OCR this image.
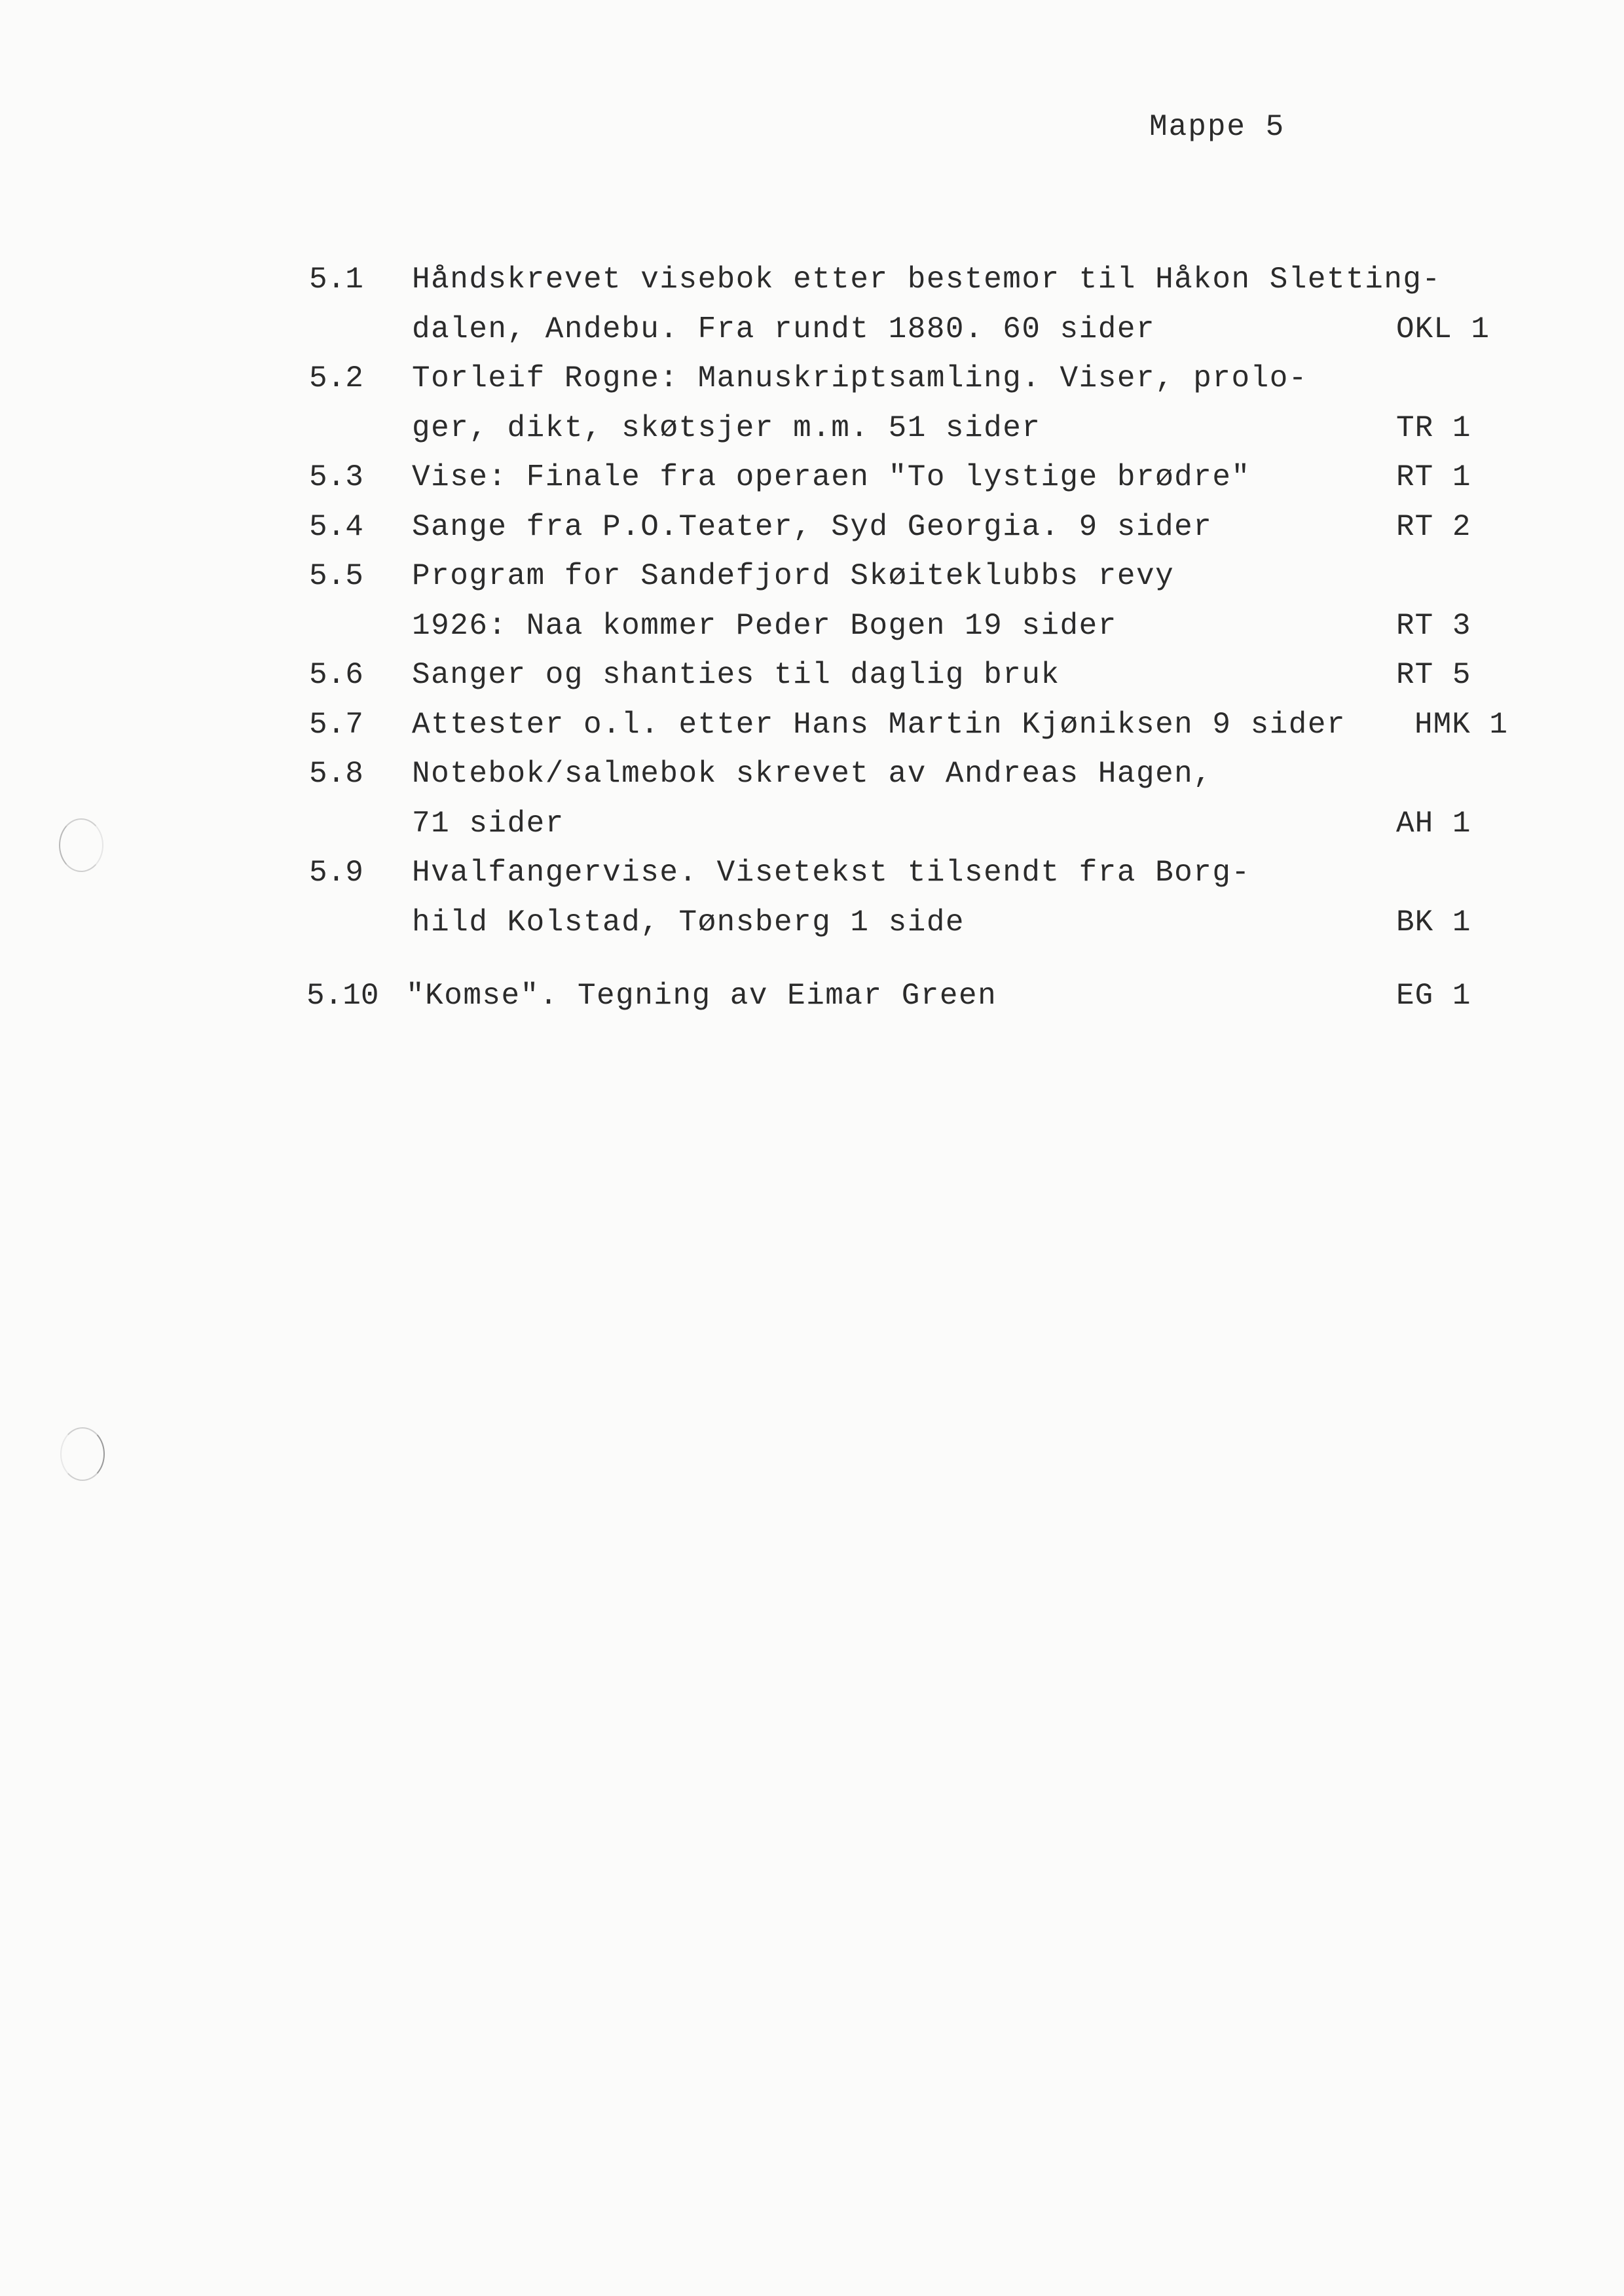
Mappe 5
5.1 Håndskrevet visebok etter bestemor til Håkon Sletting-
dalen, Andebu. Fra rundt 1880. 60 sider	OKL 1
5.2 Torleif Rogne: Manuskriptsamling. Viser, prolo-
ger, dikt, skøtsjer m.m. 51 sider	TR 1
5.3 Vise: Finale fra operaen "To lystige brødre"	RT 1
5.4 Sange fra P.O.Teater, Syd Georgia. 9 sider	RT 2
5.5 Program for Sandefjord Skøiteklubbs revy
1926: Naa kommer Peder Bogen 19 sider	RT 3
5.6 Sanger og shanties til daglig bruk	RT 5
5.7 Attester o.l. etter Hans Martin Kjøniksen 9 sider HMK 1
5.8 Notebok/salmebok skrevet av Andreas Hagen,
71 sider	AH 1
5.9 Hvalfangervise. Visetekst tilsendt fra Borg-
hild Kolstad, Tønsberg 1 side	BK 1
5.10 "Komse". Tegning av Eimar Green	EG 1
